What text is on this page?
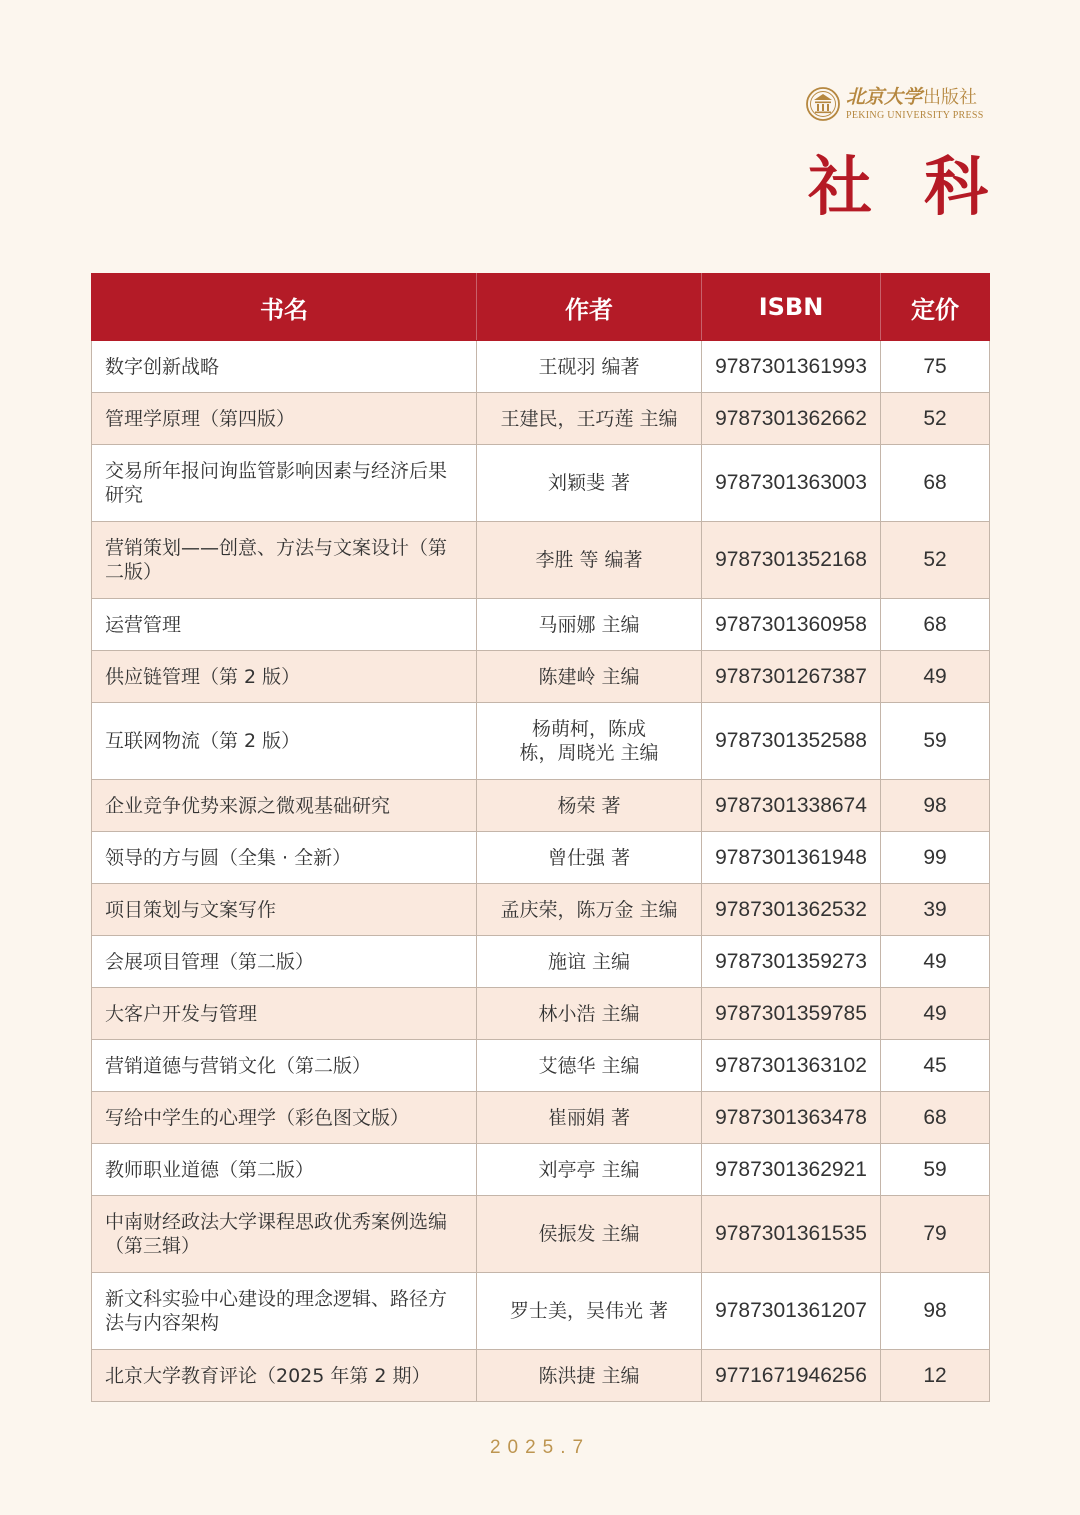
北京大学 出版社
PEKING UNIVERSITY PRESS
社科
书名	作者	ISBN	定价
数字创新战略	王砚羽 编著	9787301361993	75
管理学原理（第四版）	王建民，王巧莲 主编	9787301362662	52
交易所年报问询监管影响因素与经济后果研究	刘颖斐 著	9787301363003	68
营销策划——创意、方法与文案设计（第二版）	李胜 等 编著	9787301352168	52
运营管理	马丽娜 主编	9787301360958	68
供应链管理（第 2 版）	陈建岭 主编	9787301267387	49
互联网物流（第 2 版）	杨萌柯，陈成栋，周晓光 主编	9787301352588	59
企业竞争优势来源之微观基础研究	杨荣 著	9787301338674	98
领导的方与圆（全集 · 全新）	曾仕强 著	9787301361948	99
项目策划与文案写作	孟庆荣，陈万金 主编	9787301362532	39
会展项目管理（第二版）	施谊 主编	9787301359273	49
大客户开发与管理	林小浩 主编	9787301359785	49
营销道德与营销文化（第二版）	艾德华 主编	9787301363102	45
写给中学生的心理学（彩色图文版）	崔丽娟 著	9787301363478	68
教师职业道德（第二版）	刘亭亭 主编	9787301362921	59
中南财经政法大学课程思政优秀案例选编（第三辑）	侯振发 主编	9787301361535	79
新文科实验中心建设的理念逻辑、路径方法与内容架构	罗士美，吴伟光 著	9787301361207	98
北京大学教育评论（2025 年第 2 期）	陈洪捷 主编	9771671946256	12
2025.7
